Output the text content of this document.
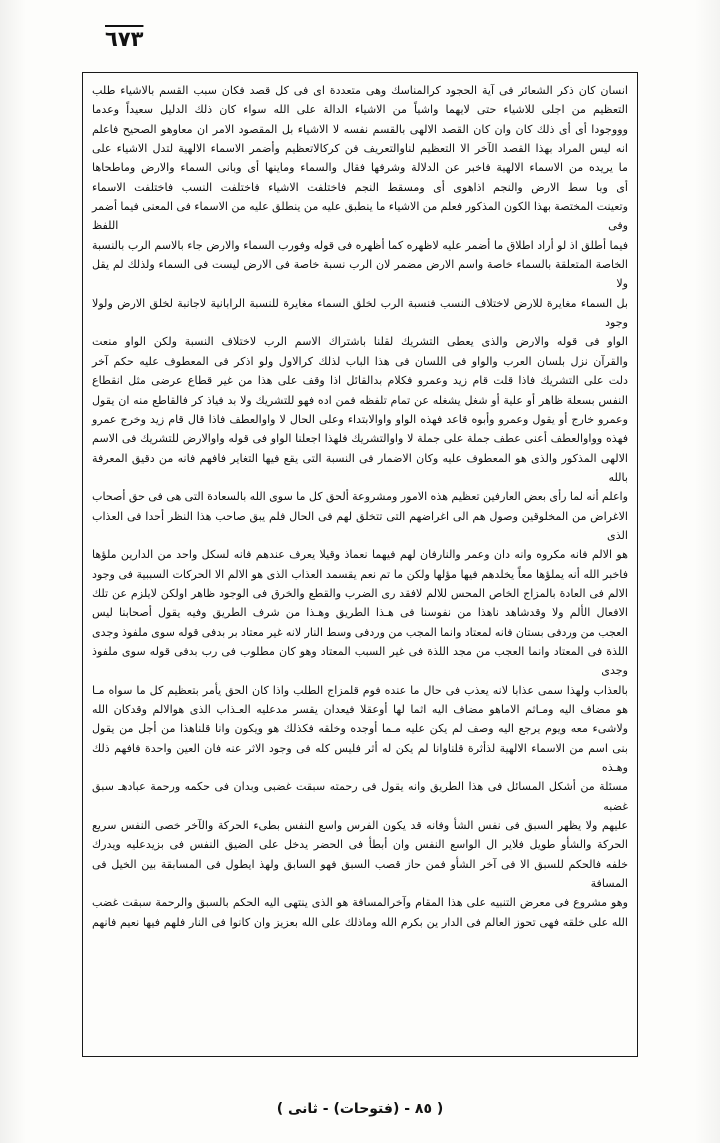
٦٧٣

انسان كان ذكر الشعائر فى آية الحجود كرالمناسك وهى متعددة اى فى كل قصد فكان سبب القسم بالاشياء طلب

التعظيم من اجلى للاشياء حتى لايهما واشياً من الاشياء الدالة على الله سواء كان ذلك الدليل سعيداً وعدما

وووجودا أى أى ذلك كان وان كان القصد الالهى بالقسم نفسه لا الاشياء بل المقصود الامر ان معاوهو الصحيح فاعلم

انه ليس المراد بهذا القصد الآخر الا التعظيم لناوالتعريف فن كركالاتعظيم وأضمر الاسماء الالهية لتدل الاشياء على

ما يريده من الاسماء الالهية فاخبر عن الدلالة وشرفها فقال والسماء وماينها أى وبانى السماء والارض وماطحاها

أى وبا سط الارض والنجم اذاهوى أى ومسقط النجم فاختلفت الاشياء فاختلفت النسب فاختلفت الاسماء

وتعينت المختصة بهذا الكون المذكور فعلم من الاشياء ما ينطبق عليه من ينطلق عليه من الاسماء فى المعنى فيما أضمر وفى اللفظ

فيما أطلق اذ لو أراد اطلاق ما أضمر عليه لاظهره كما أظهره فى قوله وفورب السماء والارض جاء بالاسم الرب بالنسبة

الخاصة المتعلقة بالسماء خاصة واسم الارض مضمر لان الرب نسبة خاصة فى الارض ليست فى السماء ولذلك لم يقل ولا

بل السماء مغايرة للارض لاختلاف النسب فنسبة الرب لخلق السماء مغايرة للنسبة الرابانية لاجانبة لخلق الارض ولولا وجود

الواو فى قوله والارض والذى يعطى التشريك لقلنا باشتراك الاسم الرب لاختلاف النسبة ولكن الواو منعت

والقرآن نزل بلسان العرب والواو فى اللسان فى هذا الباب لذلك كرالاول ولو اذكر فى المعطوف عليه حكم آخر

دلت على التشريك فاذا قلت قام زيد وعمرو فكلام بدالقائل اذا وقف على هذا من غير قطاع عرضى مثل انقطاع

النفس بسعلة ظاهر أو علية أو شغل يشغله عن تمام تلفظه فمن اده فهو للتشريك ولا بد فياذ كر فالقاطع منه ان يقول

وعمرو خارج أو يقول وعمرو وأبوه قاعد فهذه الواو واوالابتداء وعلى الحال لا واوالعطف فاذا قال قام زيد وخرج عمرو

فهذه وواوالعطف أعنى عطف جملة على جملة لا واوالتشريك فلهذا اجعلنا الواو فى قوله واوالارض للتشريك فى الاسم

الالهى المذكور والذى هو المعطوف عليه وكان الاضمار فى النسبة التى يقع فيها التغاير فافهم فانه من دقيق المعرفة بالله

واعلم أنه لما رأى بعض العارفين تعظيم هذه الامور ومشروعة ألحق كل ما سوى الله بالسعادة التى هى فى حق أصحاب

الاغراض من المخلوقين وصول هم الى اغراضهم التى تتخلق لهم فى الحال فلم يبق صاحب هذا النظر أحدا فى العذاب الذى

هو الالم فانه مكروه وانه دان وعمر والنارفان لهم فيهما نعماذ وقيلا يعرف عندهم فانه لسكل واحد من الدارين ملؤها

فاخبر الله أنه يملؤها معاً يخلدهم فيها مؤلها ولكن ما تم نعم يقسمد العذاب الذى هو الالم الا الحركات السببية فى وجود

الالم فى العادة بالمزاج الخاص المحس للالم لافقد رى الضرب والقطع والخرق فى الوجود ظاهر اولكن لايلزم عن تلك

الافعال الألم ولا وقدشاهد ناهذا من نفوسنا فى هـذا الطريق وهـذا من شرف الطريق وفيه يقول أصحابنا ليس

العجب من وردفى بستان فانه لمعتاد وانما المجب من وردفى وسط النار لانه غير معتاد بر بدفى قوله سوى ملفوذ وجدى

اللذة فى المعتاد وانما العجب من مجد اللذة فى غير السبب المعتاد وهو كان مطلوب فى رب بدفى قوله سوى ملفوذ وجدى

بالعذاب ولهذا سمى عذابا لانه يعذب فى حال ما عنده فوم قلمزاج الطلب واذا كان الحق يأمر بتعظيم كل ما سواه مـا

هو مضاف اليه ومـاثم الاماهو مضاف اليه اثما لها أوعقلا فيعدان يقسر مدعليه العـذاب الذى هوالالم وقدكان الله

ولاشىء معه ويوم يرجع اليه وصف لم يكن عليه مـما أوجده وخلقه فكذلك هو ويكون وانا قلناهذا من أجل من يقول

بنى اسم من الاسماء الالهية لذأثرة قلناوانا لم يكن له أثر فليس كله فى وجود الاثر عنه فان العين واحدة فافهم ذلك وهـذه

مسئلة من أشكل المسائل فى هذا الطريق وانه يقول فى رحمته سبقت غضبى وبدان فى حكمه ورحمة عبادهـ سبق غضبه

عليهم ولا يظهر السبق فى نفس الشأ وفانه قد يكون الفرس واسع النفس بطىء الحركة والآخر خصى النفس سريع

الحركة والشأو طويل فلاير ال الواسع النفس وان أبطأ فى الحضر يدخل على الضيق النفس فى بزيدعليه ويدرك

خلفه فالحكم للسبق الا فى آخر الشأو فمن حاز قصب السبق فهو السابق ولهذ ايطول فى المسابقة بين الخيل فى المسافة

وهو مشروع فى معرض التنبيه على هذا المقام وآخرالمسافة هو الذى ينتهى اليه الحكم بالسبق والرحمة سبقت غضب

الله على خلقه فهى تحوز العالم فى الدار ين بكرم الله وماذلك على الله بعزيز وان كانوا فى النار فلهم فيها نعيم فانهم

( ٨٥ - (فتوحات) - ثانى )
